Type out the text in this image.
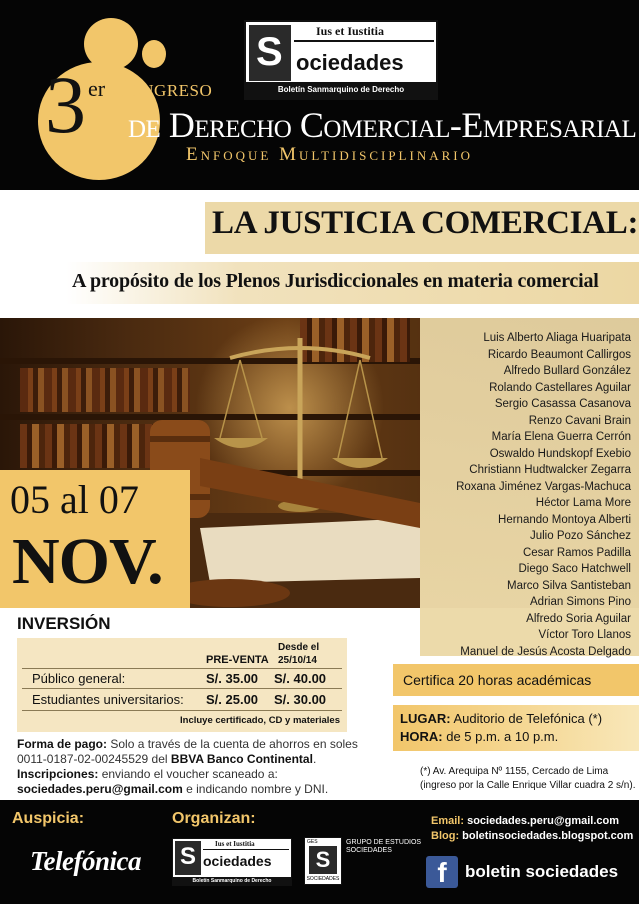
3 er Congreso
de Derecho Comercial-Empresarial
Enfoque Multidisciplinario
S	Ius et Iustitia
ociedades
Boletín Sanmarquino de Derecho
LA JUSTICIA COMERCIAL:
A propósito de los Plenos Jurisdiccionales en materia comercial
Luis Alberto Aliaga Huaripata
Ricardo Beaumont Callirgos
Alfredo Bullard González
Rolando Castellares Aguilar
Sergio Casassa Casanova
Renzo Cavani Brain
María Elena Guerra Cerrón
Oswaldo Hundskopf Exebio
Christiann Hudtwalcker Zegarra
Roxana Jiménez Vargas-Machuca
Héctor Lama More
Hernando Montoya Alberti
Julio Pozo Sánchez
Cesar Ramos Padilla
Diego Saco Hatchwell
Marco Silva Santisteban
Adrian Simons Pino
Alfredo Soria Aguilar
Víctor Toro Llanos
Manuel de Jesús Acosta Delgado
05 al 07
NOV.
INVERSIÓN
PRE-VENTA
Desde el
25/10/14
Público general:	S/. 35.00 S/. 40.00
Estudiantes universitarios: S/. 25.00 S/. 30.00
Incluye certificado, CD y materiales
Forma de pago: Solo a través de la cuenta de ahorros en soles
0011-0187-02-00245529 del BBVA Banco Continental.
Inscripciones: enviando el voucher scaneado a:
sociedades.peru@gmail.com e indicando nombre y DNI.
Certifica 20 horas académicas
LUGAR: Auditorio de Telefónica (*)
HORA: de 5 p.m. a 10 p.m.
(*) Av. Arequipa Nº 1155, Cercado de Lima
(ingreso por la Calle Enrique Villar cuadra 2 s/n).
Auspicia:	Organizan:
Telefónica S	Ius et Iustitia
ociedades
Boletín Sanmarquino de Derecho
GES
S
SOCIEDADES
GRUPO DE ESTUDIOS
SOCIEDADES
Email: sociedades.peru@gmail.com
Blog: boletinsociedades.blogspot.com
f	boletin sociedades
